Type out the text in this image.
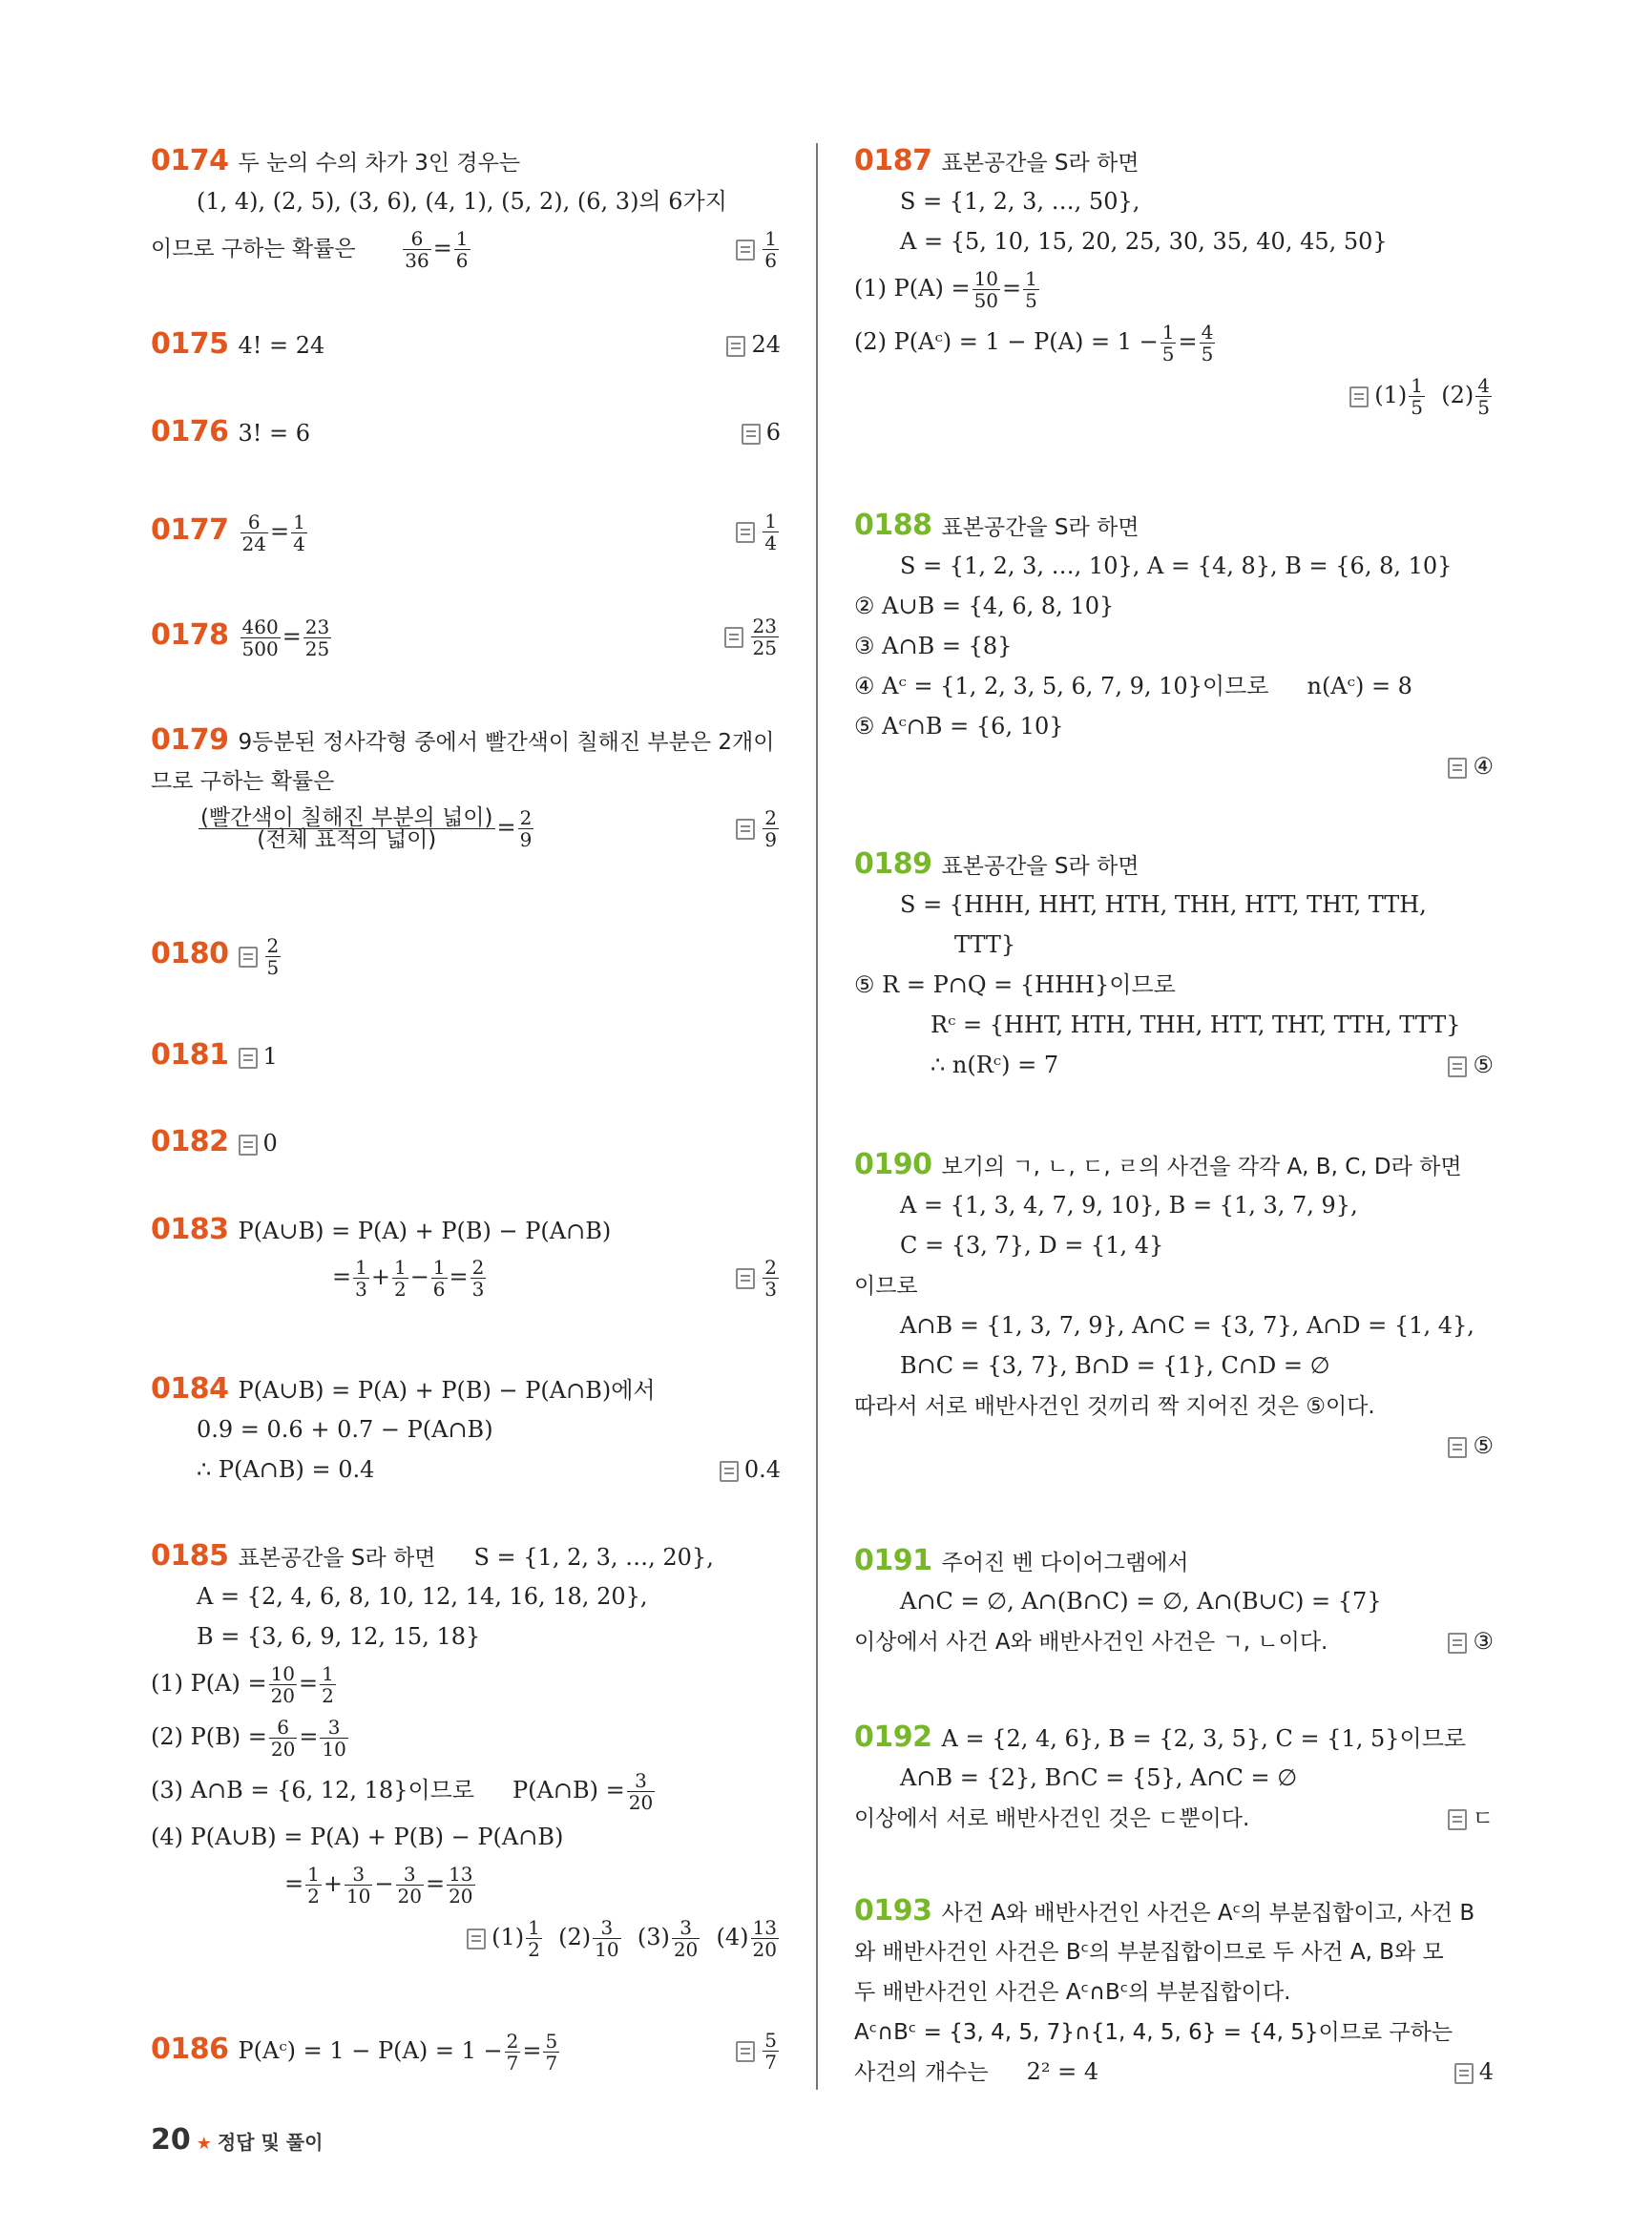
0174 두 눈의 수의 차가 3인 경우는
(1, 4), (2, 5), (3, 6), (4, 1), (5, 2), (6, 3)의 6가지
이므로 구하는 확률은 $\frac{6}{36} = \frac{1}{6}$	$\frac{1}{6}$
0175 4! = 24	24
0176 3! = 6	6
$0177 \frac{6}{24} = \frac{1}{4}$	$\frac{1}{4}$
$0178 \frac{460}{500} = \frac{23}{25}$	$\frac{23}{25}$
0179 9등분된 정사각형 중에서 빨간색이 칠해진 부분은 2개이
므로 구하는 확률은
$\frac{\text{(빨간색이 칠해진 부분의 넓이)}}{\text{(전체 표적의 넓이)}} = \frac{2}{9}$	$\frac{2}{9}$
$0180 \frac{2}{5}$
0181 1
0182 0
0183 P(A∪B) = P(A) + P(B) − P(A∩B)
= $\frac{1}{3} + \frac{1}{2} - \frac{1}{6} = \frac{2}{3}$	$\frac{2}{3}$
0184 P(A∪B) = P(A) + P(B) − P(A∩B)에서
0.9 = 0.6 + 0.7 − P(A∩B)
∴ P(A∩B) = 0.4	0.4
0185 표본공간을 S라 하면 S = {1, 2, 3, …, 20},
A = {2, 4, 6, 8, 10, 12, 14, 16, 18, 20},
B = {3, 6, 9, 12, 15, 18}
(1) $P(A) = \frac{10}{20} = \frac{1}{2}$
(2) $P(B) = \frac{6}{20} = \frac{3}{10}$
(3) A∩B = {6, 12, 18}이므로 P(A∩B) = $\frac{3}{20}$
(4) P(A∪B) = P(A) + P(B) − P(A∩B)
= $\frac{1}{2} + \frac{3}{10} - \frac{3}{20} = \frac{13}{20}$
$(1) \frac{1}{2} (2) \frac{3}{10} (3) \frac{3}{20} (4) \frac{13}{20}$
0186 P(Aᶜ) = $1 - P(A) = 1 - \frac{2}{7} = \frac{5}{7}$	$\frac{5}{7}$
0187 표본공간을 S라 하면
S = {1, 2, 3, …, 50},
A = {5, 10, 15, 20, 25, 30, 35, 40, 45, 50}
(1) $P(A) = \frac{10}{50} = \frac{1}{5}$
(2) P(Aᶜ) = $1 - P(A) = 1 - \frac{1}{5} = \frac{4}{5}$
$(1) \frac{1}{5} (2) \frac{4}{5}$
0188 표본공간을 S라 하면
S = {1, 2, 3, …, 10}, A = {4, 8}, B = {6, 8, 10}
② A∪B = {4, 6, 8, 10}
③ A∩B = {8}
④ Aᶜ = {1, 2, 3, 5, 6, 7, 9, 10}이므로 n(Aᶜ) = 8
⑤ Aᶜ∩B = {6, 10}
④
0189 표본공간을 S라 하면
S = {HHH, HHT, HTH, THH, HTT, THT, TTH,
TTT}
⑤ R = P∩Q = {HHH}이므로
Rᶜ = {HHT, HTH, THH, HTT, THT, TTH, TTT}
∴ n(Rᶜ) = 7	⑤
0190 보기의 ㄱ, ㄴ, ㄷ, ㄹ의 사건을 각각 A, B, C, D라 하면
A = {1, 3, 4, 7, 9, 10}, B = {1, 3, 7, 9},
C = {3, 7}, D = {1, 4}
이므로
A∩B = {1, 3, 7, 9}, A∩C = {3, 7}, A∩D = {1, 4},
B∩C = {3, 7}, B∩D = {1}, C∩D = ∅
따라서 서로 배반사건인 것끼리 짝 지어진 것은 ⑤이다.
⑤
0191 주어진 벤 다이어그램에서
A∩C = ∅, A∩(B∩C) = ∅, A∩(B∪C) = {7}
이상에서 사건 A와 배반사건인 사건은 ㄱ, ㄴ이다.	③
0192 A = {2, 4, 6}, B = {2, 3, 5}, C = {1, 5}이므로
A∩B = {2}, B∩C = {5}, A∩C = ∅
이상에서 서로 배반사건인 것은 ㄷ뿐이다.	ㄷ
0193 사건 A와 배반사건인 사건은 Aᶜ의 부분집합이고, 사건 B
와 배반사건인 사건은 Bᶜ의 부분집합이므로 두 사건 A, B와 모
두 배반사건인 사건은 Aᶜ∩Bᶜ의 부분집합이다.
Aᶜ∩Bᶜ = {3, 4, 5, 7}∩{1, 4, 5, 6} = {4, 5}이므로 구하는
사건의 개수는 2² = 4	4
20 ★ 정답 및 풀이
